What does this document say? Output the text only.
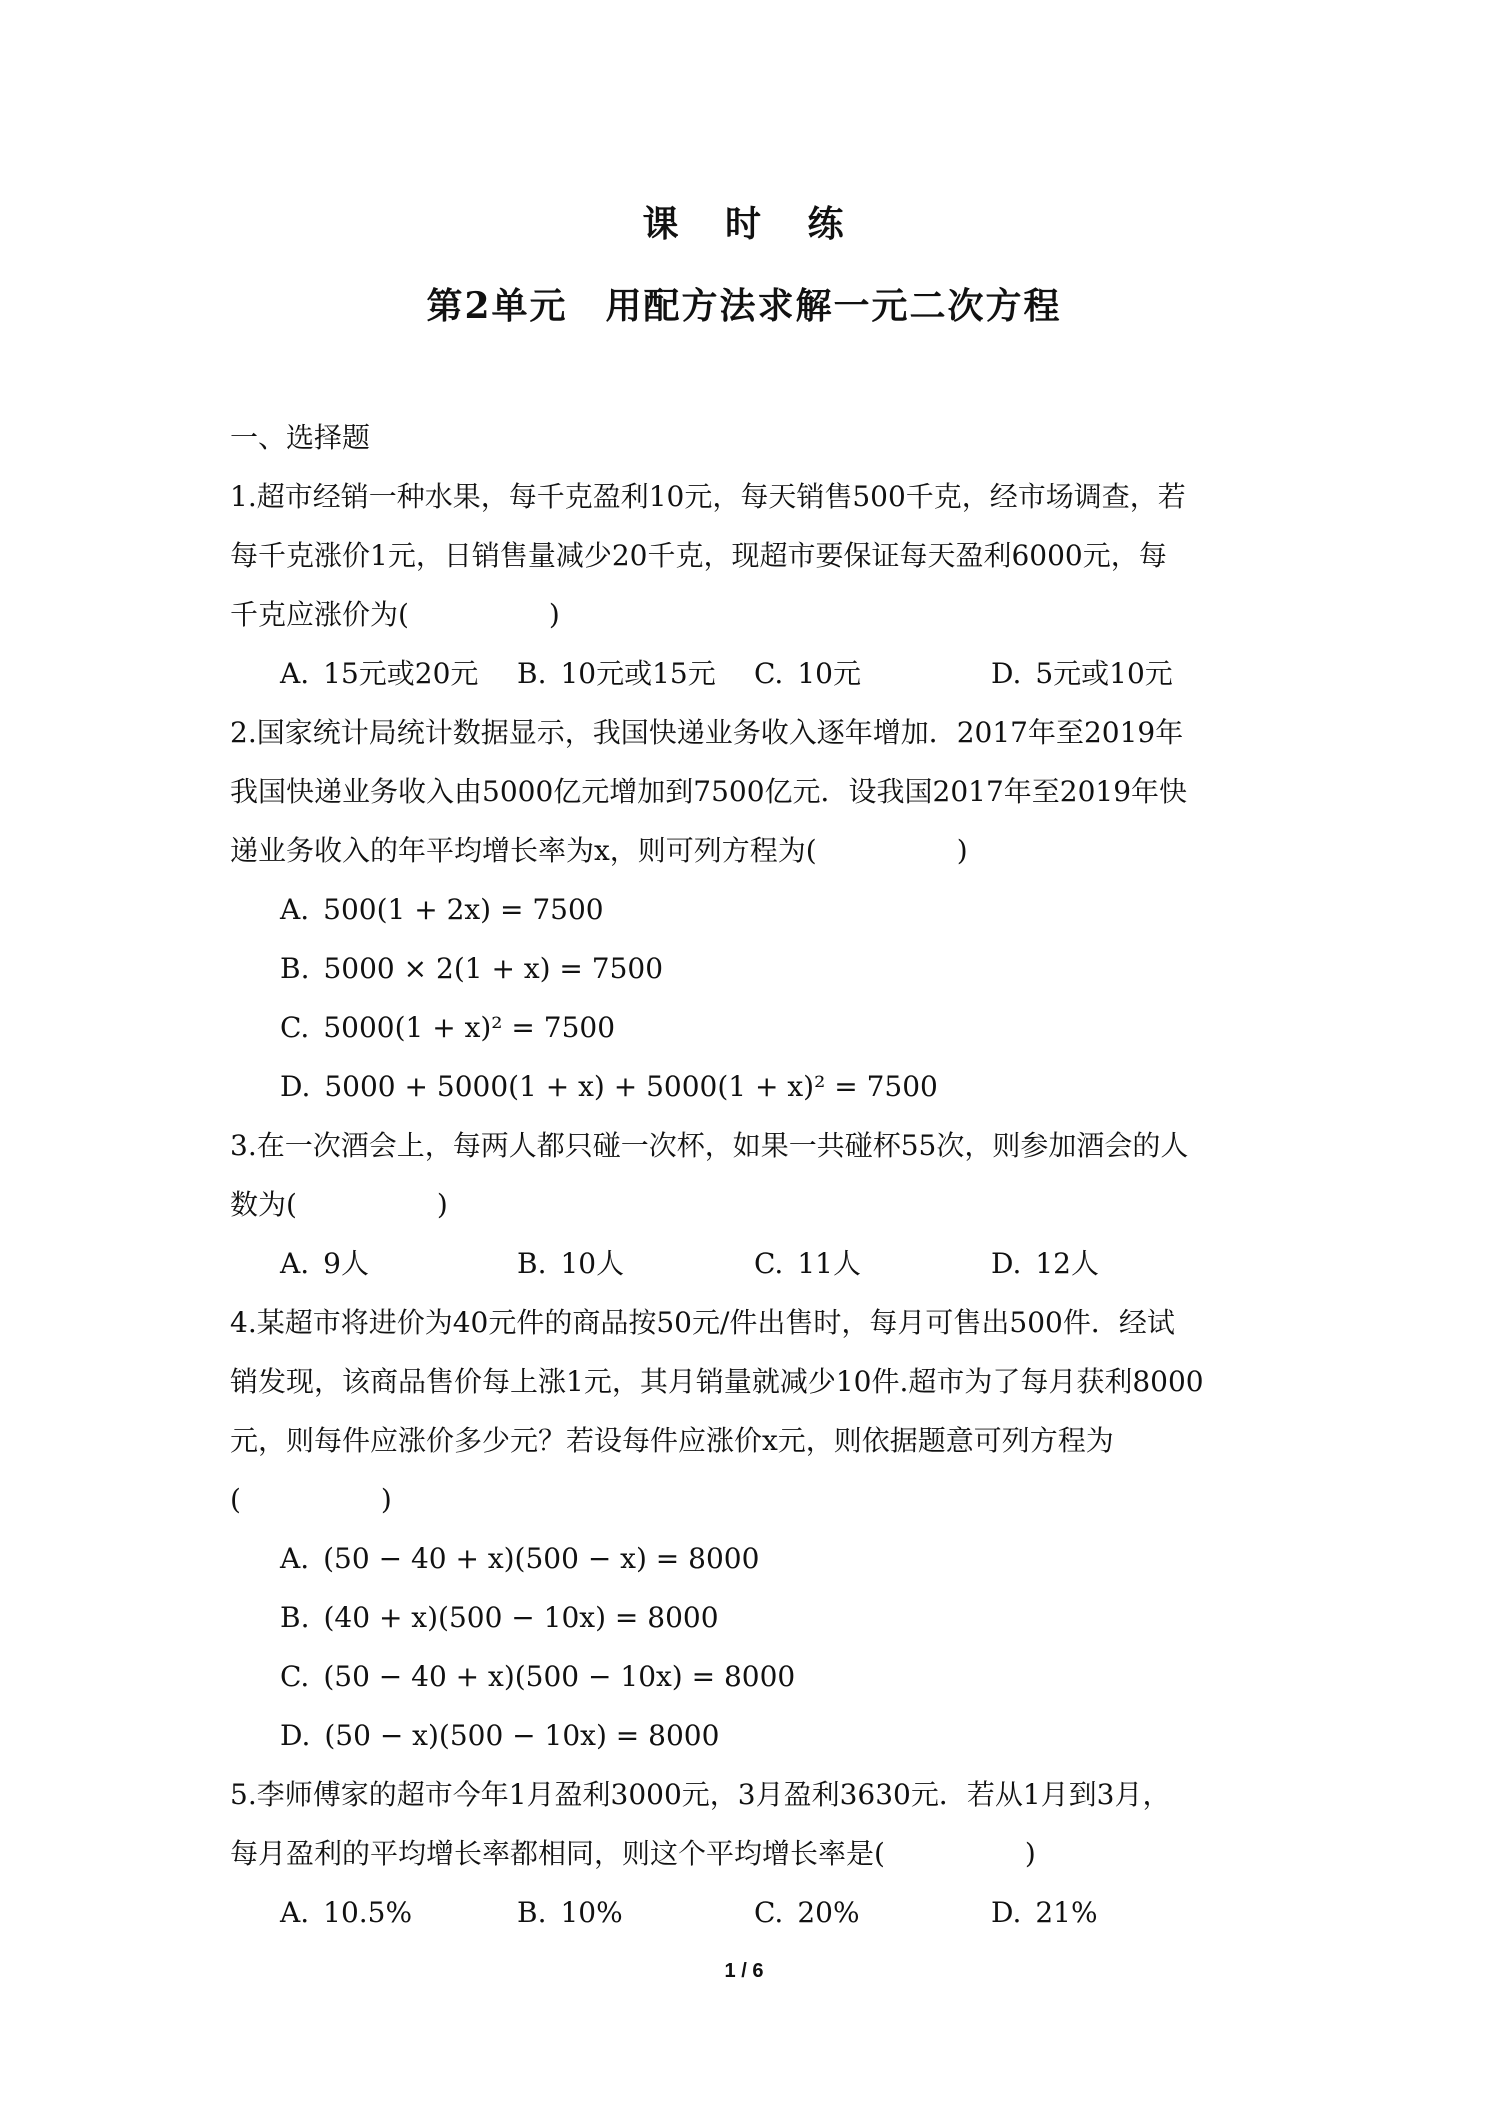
课 时 练
第2单元　用配方法求解一元二次方程
一、选择题
1.超市经销一种水果，每千克盈利10元，每天销售500千克，经市场调查，若
每千克涨价1元，日销售量减少20千克，现超市要保证每天盈利6000元，每
千克应涨价为(　　　　　)
A. 15元或20元	B. 10元或15元	C. 10元	D. 5元或10元
2.国家统计局统计数据显示，我国快递业务收入逐年增加．2017年至2019年
我国快递业务收入由5000亿元增加到7500亿元．设我国2017年至2019年快
递业务收入的年平均增长率为x，则可列方程为(　　　　　)
A. 500(1 + 2x) = 7500
B. 5000 × 2(1 + x) = 7500
C. 5000(1 + x)² = 7500
D. 5000 + 5000(1 + x) + 5000(1 + x)² = 7500
3.在一次酒会上，每两人都只碰一次杯，如果一共碰杯55次，则参加酒会的人
数为(　　　　　)
A. 9人	B. 10人	C. 11人	D. 12人
4.某超市将进价为40元件的商品按50元/件出售时，每月可售出500件．经试
销发现，该商品售价每上涨1元，其月销量就减少10件.超市为了每月获利8000
元，则每件应涨价多少元？若设每件应涨价x元，则依据题意可列方程为
(　　　　　)
A. (50 − 40 + x)(500 − x) = 8000
B. (40 + x)(500 − 10x) = 8000
C. (50 − 40 + x)(500 − 10x) = 8000
D. (50 − x)(500 − 10x) = 8000
5.李师傅家的超市今年1月盈利3000元，3月盈利3630元．若从1月到3月，
每月盈利的平均增长率都相同，则这个平均增长率是(　　　　　)
A. 10.5%	B. 10%	C. 20%	D. 21%
1 / 6
